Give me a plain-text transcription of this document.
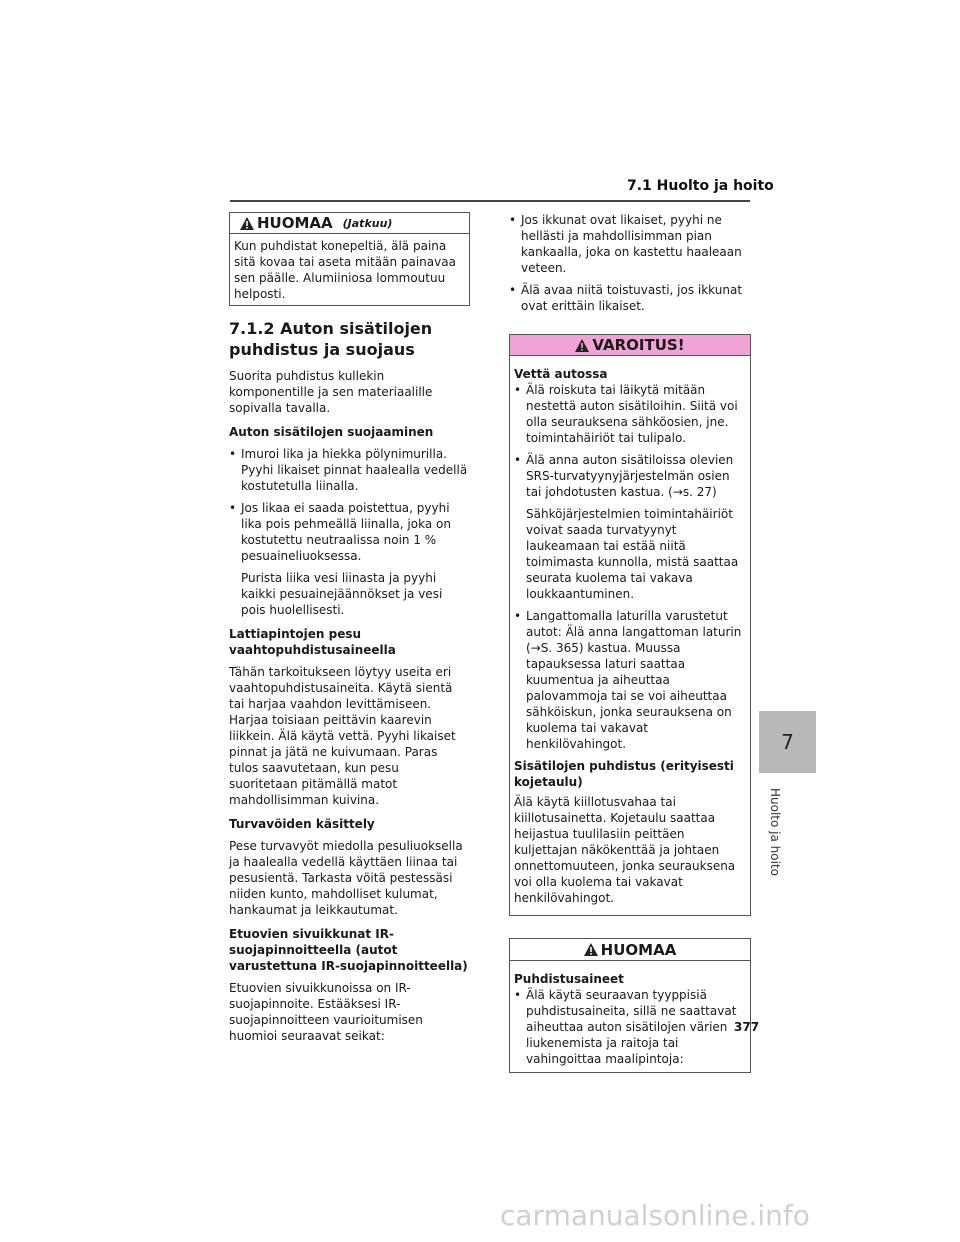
7.1 Huolto ja hoito
HUOMAA (Jatkuu)
Kun puhdistat konepeltiä, älä paina sitä kovaa tai aseta mitään painavaa sen päälle. Alumiiniosa lommoutuu helposti.
7.1.2 Auton sisätilojen puhdistus ja suojaus
Suorita puhdistus kullekin komponentille ja sen materiaalille sopivalla tavalla.
Auton sisätilojen suojaaminen
• Imuroi lika ja hiekka pölynimurilla. Pyyhi likaiset pinnat haalealla vedellä kostutetulla liinalla.
• Jos likaa ei saada poistettua, pyyhi lika pois pehmeällä liinalla, joka on kostutettu neutraalissa noin 1 % pesuaineliuoksessa.
Purista liika vesi liinasta ja pyyhi kaikki pesuainejäännökset ja vesi pois huolellisesti.
Lattiapintojen pesu vaahtopuhdistusaineella
Tähän tarkoitukseen löytyy useita eri vaahtopuhdistusaineita. Käytä sientä tai harjaa vaahdon levittämiseen. Harjaa toisiaan peittävin kaarevin liikkein. Älä käytä vettä. Pyyhi likaiset pinnat ja jätä ne kuivumaan. Paras tulos saavutetaan, kun pesu suoritetaan pitämällä matot mahdollisimman kuivina.
Turvavöiden käsittely
Pese turvavyöt miedolla pesuliuoksella ja haalealla vedellä käyttäen liinaa tai pesusientä. Tarkasta vöitä pestessäsi niiden kunto, mahdolliset kulumat, hankaumat ja leikkautumat.
Etuovien sivuikkunat IR-suojapinnoitteella (autot varustettuna IR-suojapinnoitteella)
Etuovien sivuikkunoissa on IR-suojapinnoite. Estääksesi IR-suojapinnoitteen vaurioitumisen huomioi seuraavat seikat:
• Jos ikkunat ovat likaiset, pyyhi ne hellästi ja mahdollisimman pian kankaalla, joka on kastettu haaleaan veteen.
• Älä avaa niitä toistuvasti, jos ikkunat ovat erittäin likaiset.
VAROITUS!
Vettä autossa
• Älä roiskuta tai läikytä mitään nestettä auton sisätiloihin. Siitä voi olla seurauksena sähköosien, jne. toimintahäiriöt tai tulipalo.
• Älä anna auton sisätiloissa olevien SRS-turvatyynyjärjestelmän osien tai johdotusten kastua. (→s. 27)
Sähköjärjestelmien toimintahäiriöt voivat saada turvatyynyt laukeamaan tai estää niitä toimimasta kunnolla, mistä saattaa seurata kuolema tai vakava loukkaantuminen.
• Langattomalla laturilla varustetut autot: Älä anna langattoman laturin (→S. 365) kastua. Muussa tapauksessa laturi saattaa kuumentua ja aiheuttaa palovammoja tai se voi aiheuttaa sähköiskun, jonka seurauksena on kuolema tai vakavat henkilövahingot.
Sisätilojen puhdistus (erityisesti kojetaulu)
Älä käytä kiillotusvahaa tai kiillotusainetta. Kojetaulu saattaa heijastua tuulilasiin peittäen kuljettajan näkökenttää ja johtaen onnettomuuteen, jonka seurauksena voi olla kuolema tai vakavat henkilövahingot.
HUOMAA
Puhdistusaineet
• Älä käytä seuraavan tyyppisiä puhdistusaineita, sillä ne saattavat aiheuttaa auton sisätilojen värien liukenemista ja raitoja tai vahingoittaa maalipintoja:
7
Huolto ja hoito
377
carmanualsonline.info
